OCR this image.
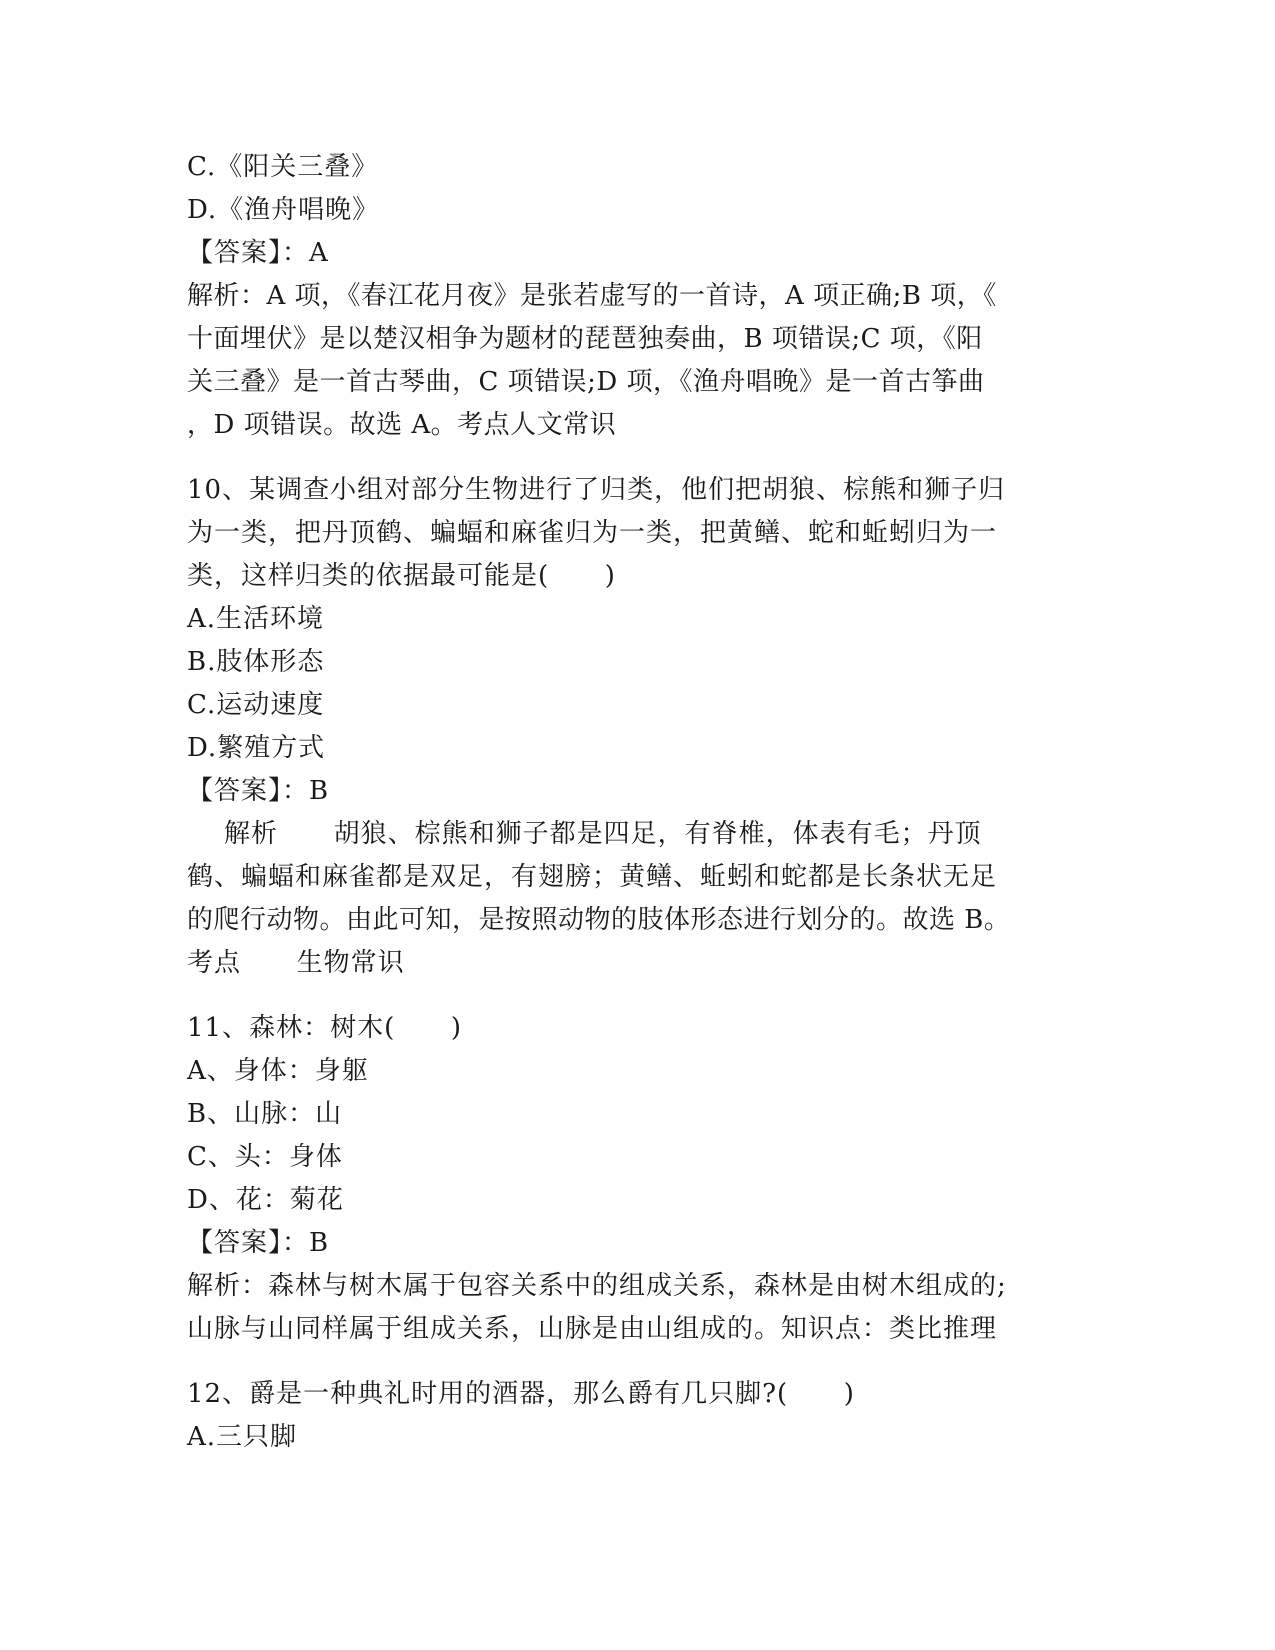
C.《阳关三叠》
D.《渔舟唱晚》
【答案】：A
解析：A 项，《春江花月夜》是张若虚写的一首诗，A 项正确;B 项，《
十面埋伏》是以楚汉相争为题材的琵琶独奏曲，B 项错误;C 项，《阳
关三叠》是一首古琴曲，C 项错误;D 项，《渔舟唱晚》是一首古筝曲
，D 项错误。故选 A。考点人文常识
10、某调查小组对部分生物进行了归类，他们把胡狼、棕熊和狮子归
为一类，把丹顶鹤、蝙蝠和麻雀归为一类，把黄鳝、蛇和蚯蚓归为一
类，这样归类的依据最可能是(      )
A.生活环境
B.肢体形态
C.运动速度
D.繁殖方式
【答案】：B
解析      胡狼、棕熊和狮子都是四足，有脊椎，体表有毛；丹顶
鹤、蝙蝠和麻雀都是双足，有翅膀；黄鳝、蚯蚓和蛇都是长条状无足
的爬行动物。由此可知，是按照动物的肢体形态进行划分的。故选 B。
考点      生物常识
11、森林：树木(      )
A、身体：身躯
B、山脉：山
C、头：身体
D、花：菊花
【答案】：B
解析：森林与树木属于包容关系中的组成关系，森林是由树木组成的;
山脉与山同样属于组成关系，山脉是由山组成的。知识点：类比推理
12、爵是一种典礼时用的酒器，那么爵有几只脚?(      )
A.三只脚
